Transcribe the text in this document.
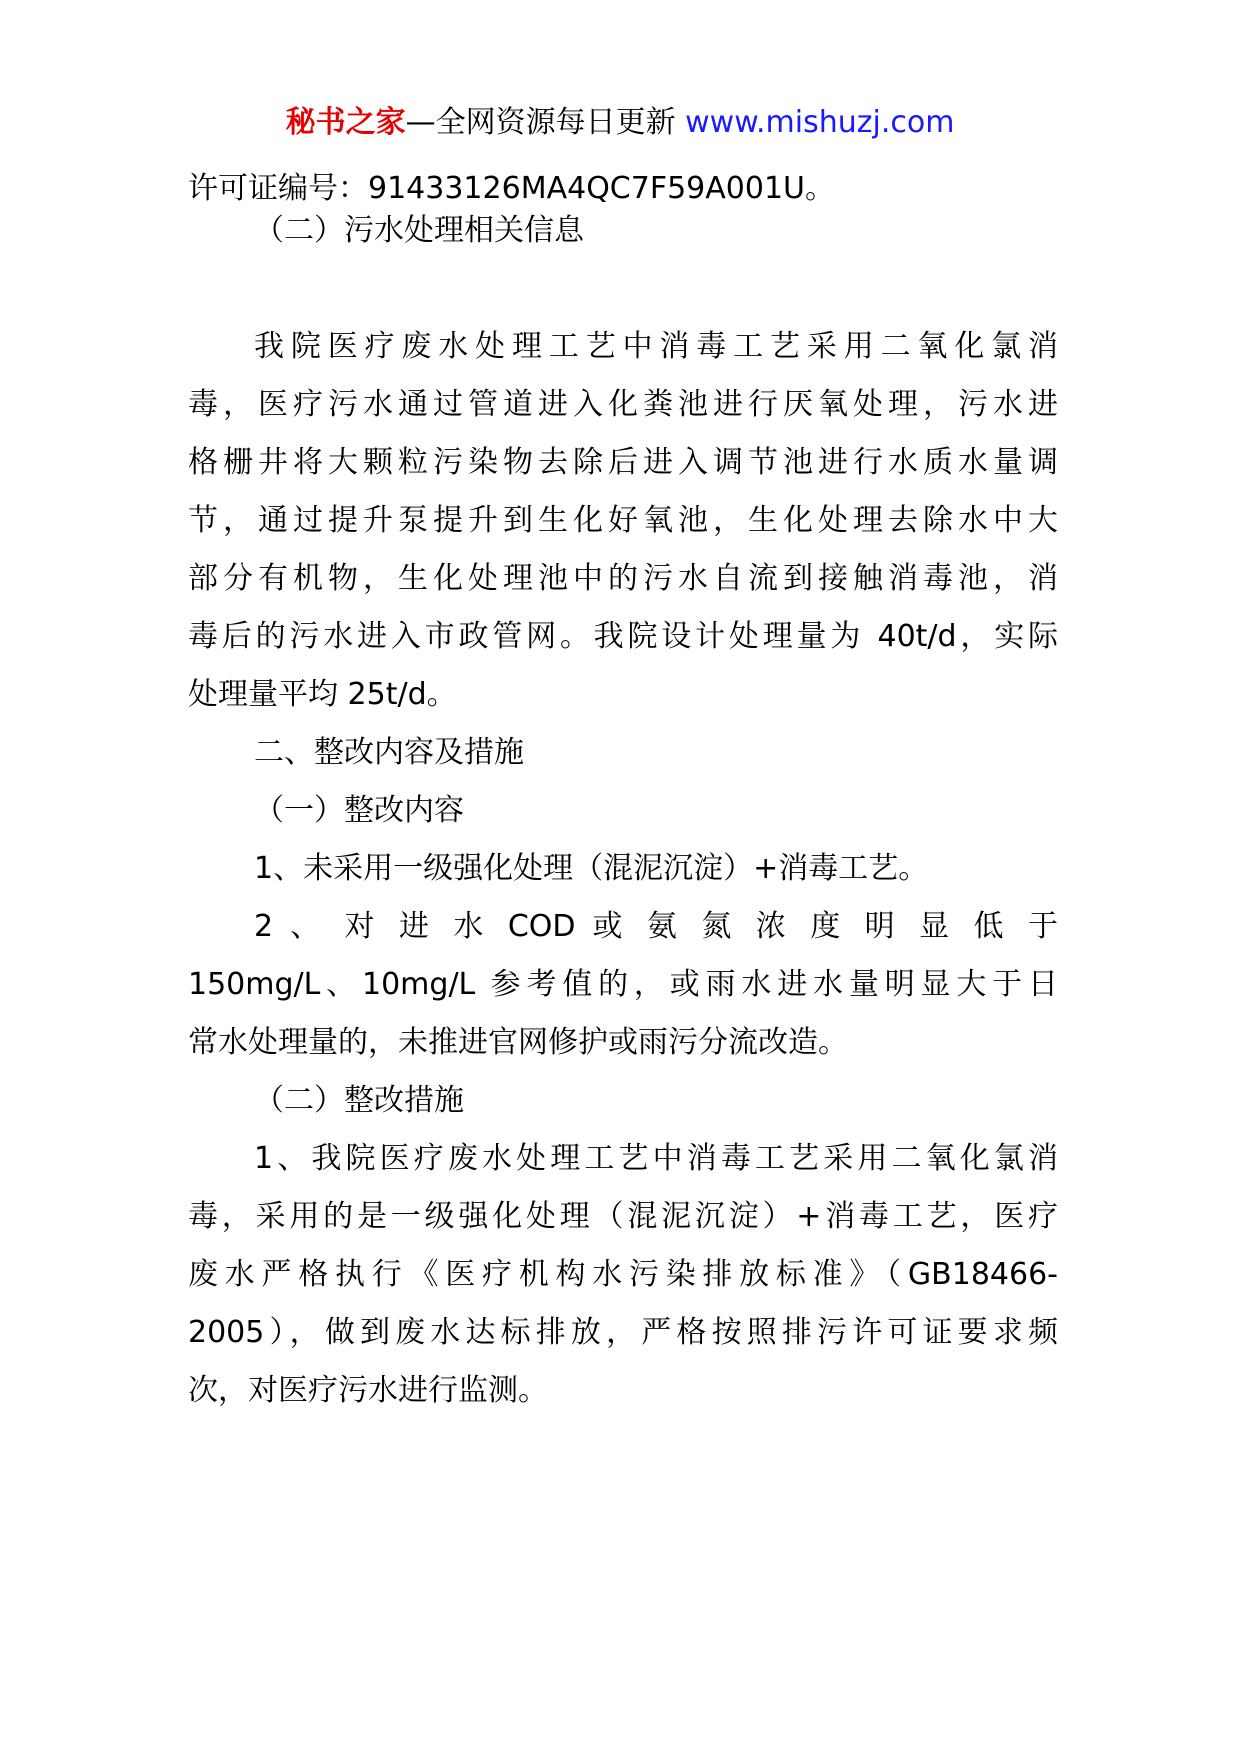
秘书之家—全网资源每日更新 www.mishuzj.com
许可证编号：91433126MA4QC7F59A001U。
（二）污水处理相关信息
我院医疗废水处理工艺中消毒工艺采用二氧化氯消
毒，医疗污水通过管道进入化粪池进行厌氧处理，污水进
格栅井将大颗粒污染物去除后进入调节池进行水质水量调
节，通过提升泵提升到生化好氧池，生化处理去除水中大
部分有机物，生化处理池中的污水自流到接触消毒池，消
毒后的污水进入市政管网。我院设计处理量为 40t/d，实际
处理量平均 25t/d。
二、整改内容及措施
（一）整改内容
1、未采用一级强化处理（混泥沉淀）+消毒工艺。
2 、 对 进 水 COD 或 氨 氮 浓 度 明 显 低 于
150mg/L、10mg/L 参考值的，或雨水进水量明显大于日
常水处理量的，未推进官网修护或雨污分流改造。
（二）整改措施
1、我院医疗废水处理工艺中消毒工艺采用二氧化氯消
毒，采用的是一级强化处理（混泥沉淀）+消毒工艺，医疗
废水严格执行《医疗机构水污染排放标准》（GB18466-
2005），做到废水达标排放，严格按照排污许可证要求频
次，对医疗污水进行监测。
